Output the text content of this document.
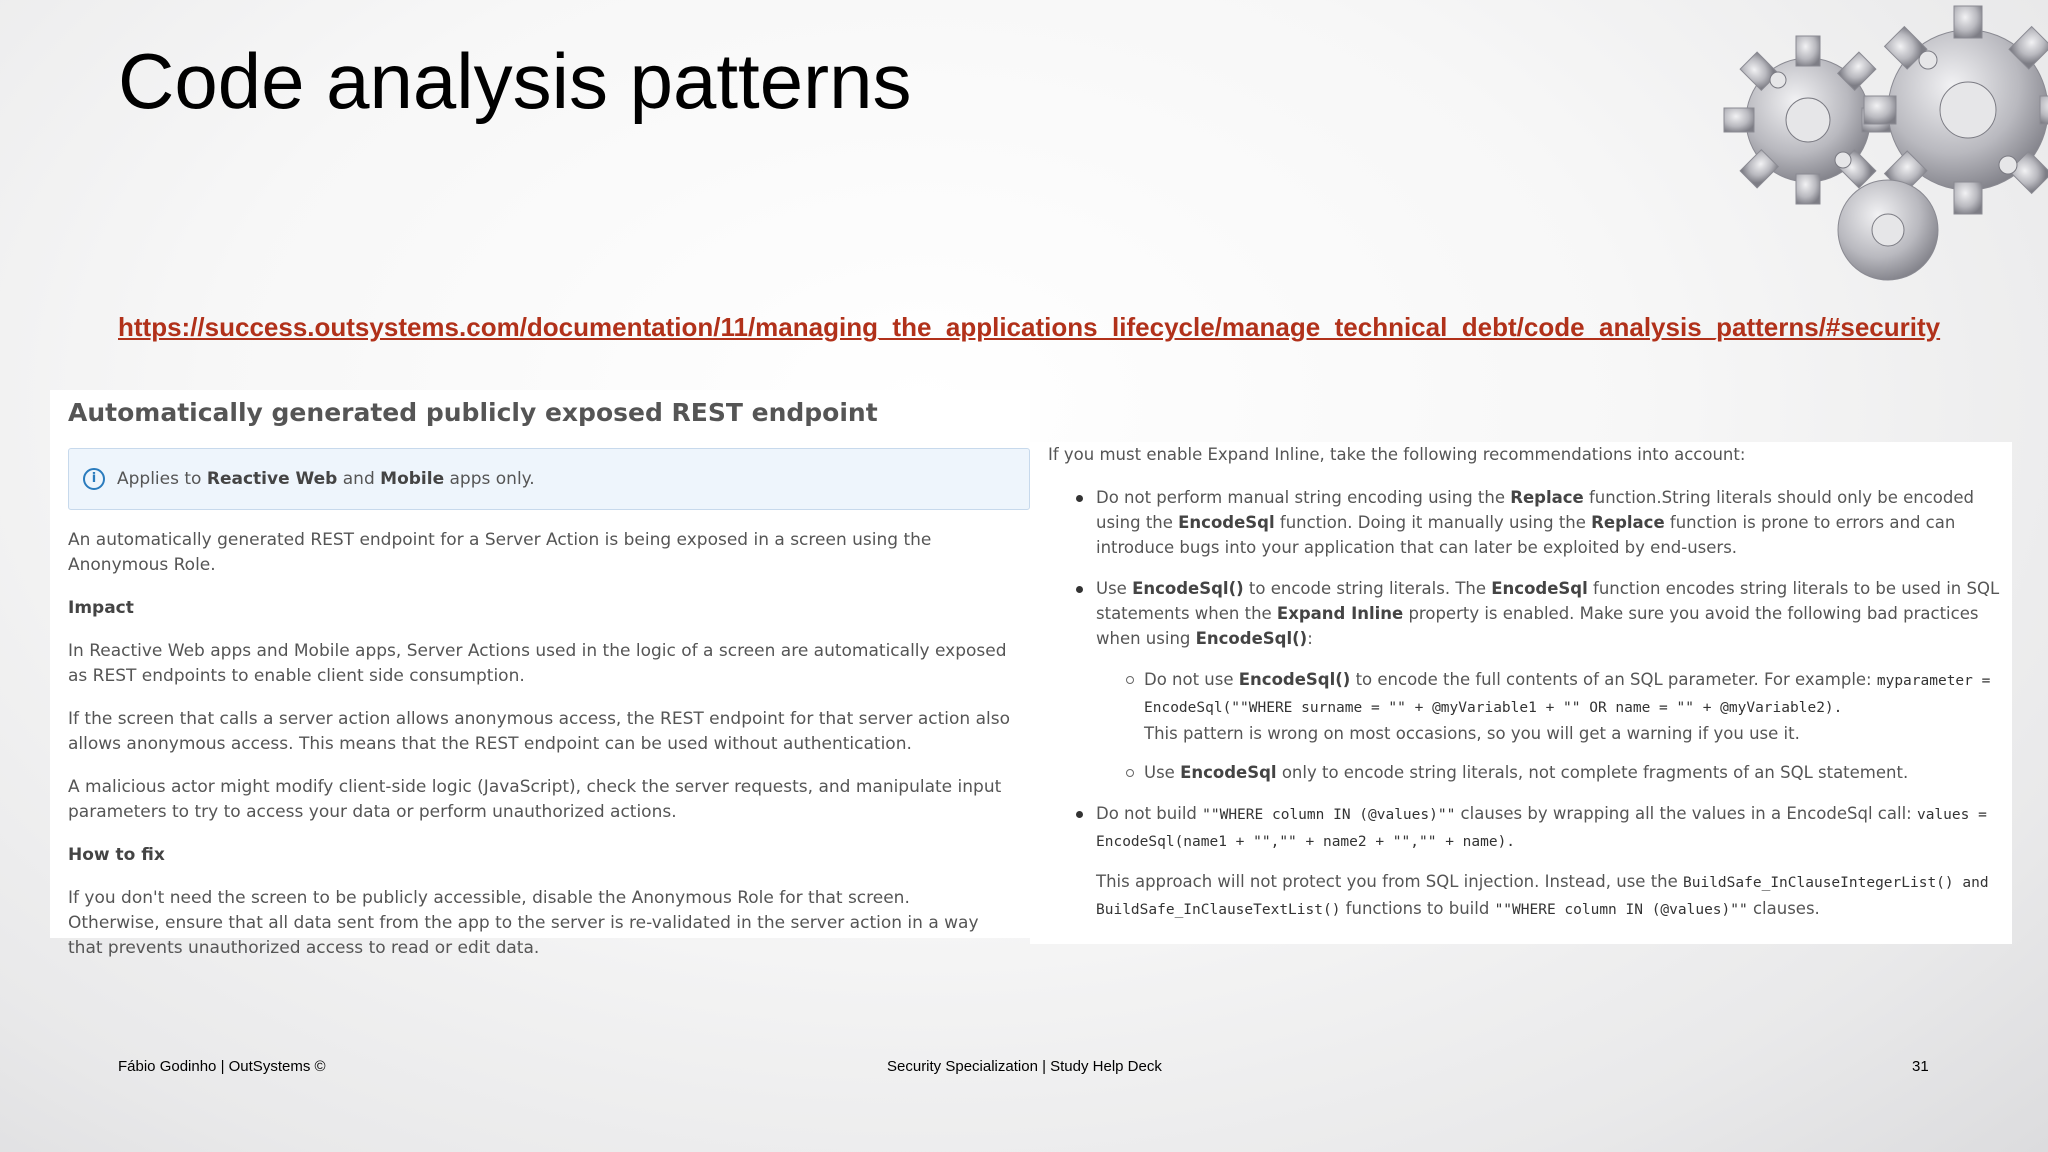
Code analysis patterns
https://success.outsystems.com/documentation/11/managing_the_applications_lifecycle/manage_technical_debt/code_analysis_patterns/#security
Automatically generated publicly exposed REST endpoint
i	Applies to Reactive Web and Mobile apps only.

An automatically generated REST endpoint for a Server Action is being exposed in a screen using the Anonymous Role.

Impact

In Reactive Web apps and Mobile apps, Server Actions used in the logic of a screen are automatically exposed as REST endpoints to enable client side consumption.

If the screen that calls a server action allows anonymous access, the REST endpoint for that server action also allows anonymous access. This means that the REST endpoint can be used without authentication.

A malicious actor might modify client-side logic (JavaScript), check the server requests, and manipulate input parameters to try to access your data or perform unauthorized actions.

How to fix

If you don't need the screen to be publicly accessible, disable the Anonymous Role for that screen.

Otherwise, ensure that all data sent from the app to the server is re-validated in the server action in a way that prevents unauthorized access to read or edit data.

If you must enable Expand Inline, take the following recommendations into account:

Do not perform manual string encoding using the Replace function.String literals should only be encoded using the EncodeSql function. Doing it manually using the Replace function is prone to errors and can introduce bugs into your application that can later be exploited by end-users.
Use EncodeSql() to encode string literals. The EncodeSql function encodes string literals to be used in SQL statements when the Expand Inline property is enabled. Make sure you avoid the following bad practices when using EncodeSql():
Do not use EncodeSql() to encode the full contents of an SQL parameter. For example: myparameter = EncodeSql(""WHERE surname = "" + @myVariable1 + "" OR name = "" + @myVariable2).
This pattern is wrong on most occasions, so you will get a warning if you use it.
Use EncodeSql only to encode string literals, not complete fragments of an SQL statement.
Do not build ""WHERE column IN (@values)"" clauses by wrapping all the values in a EncodeSql call: values = EncodeSql(name1 + "","" + name2 + "","" + name).

This approach will not protect you from SQL injection. Instead, use the BuildSafe_InClauseIntegerList() and BuildSafe_InClauseTextList() functions to build ""WHERE column IN (@values)"" clauses.

Fábio Godinho | OutSystems ©	Security Specialization | Study Help Deck	31
